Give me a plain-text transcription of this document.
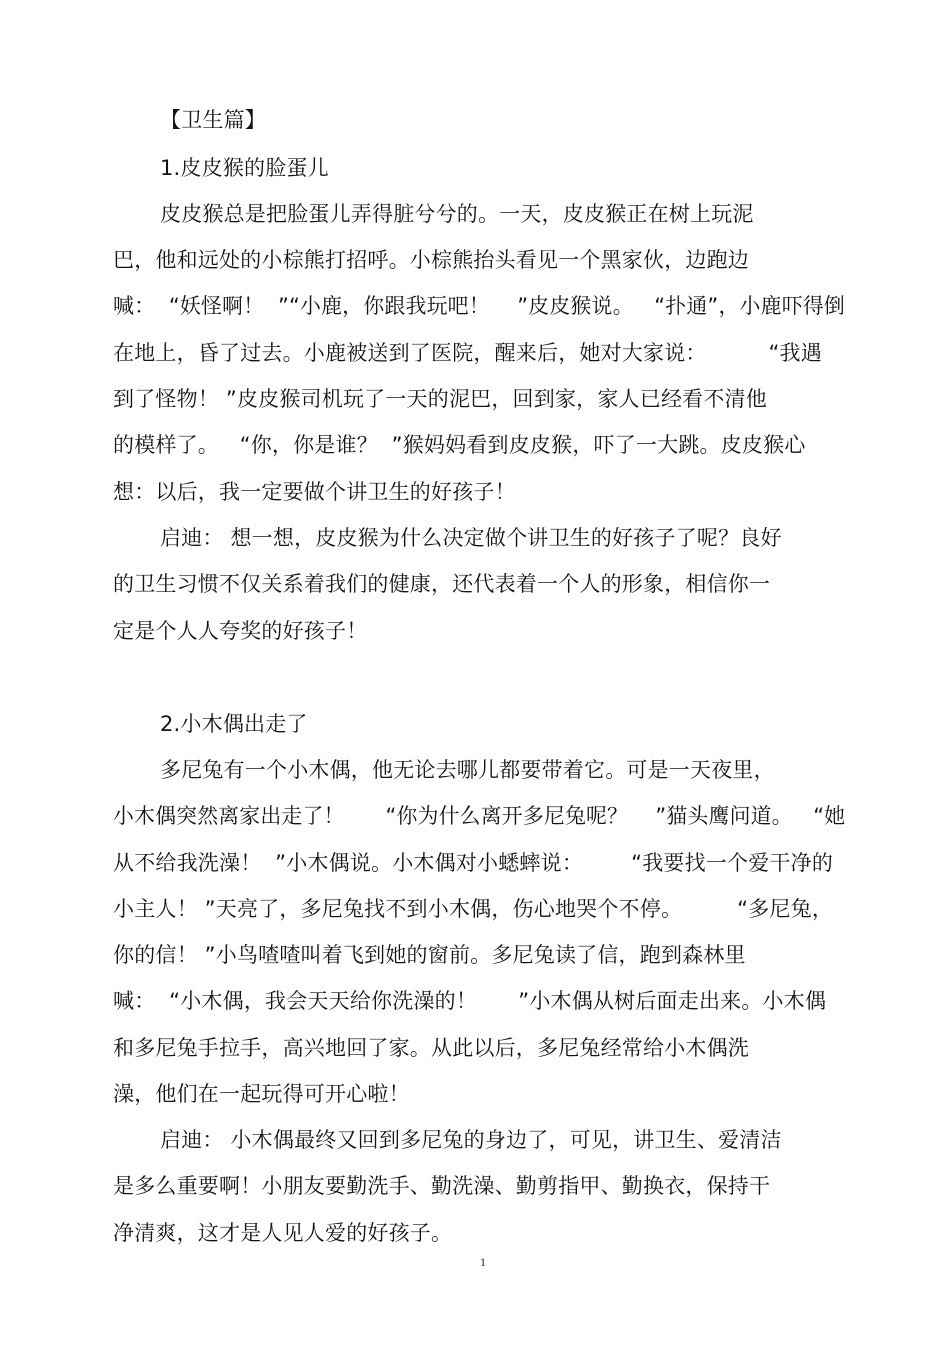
【卫生篇】
1.皮皮猴的脸蛋儿
皮皮猴总是把脸蛋儿弄得脏兮兮的。一天，皮皮猴正在树上玩泥
巴，他和远处的小棕熊打招呼。小棕熊抬头看见一个黑家伙，边跑边
喊：  “妖怪啊！  ”“小鹿，你跟我玩吧！    ”皮皮猴说。   “扑通”，小鹿吓得倒
在地上，昏了过去。小鹿被送到了医院，醒来后，她对大家说：         “我遇
到了怪物！ ”皮皮猴司机玩了一天的泥巴，回到家，家人已经看不清他
的模样了。   “你，你是谁？  ”猴妈妈看到皮皮猴，吓了一大跳。皮皮猴心
想：以后，我一定要做个讲卫生的好孩子！
启迪： 想一想，皮皮猴为什么决定做个讲卫生的好孩子了呢？良好
的卫生习惯不仅关系着我们的健康，还代表着一个人的形象，相信你一
定是个人人夸奖的好孩子！
2.小木偶出走了
多尼兔有一个小木偶，他无论去哪儿都要带着它。可是一天夜里，
小木偶突然离家出走了！      “你为什么离开多尼兔呢？    ”猫头鹰问道。   “她
从不给我洗澡！  ”小木偶说。小木偶对小蟋蟀说：       “我要找一个爱干净的
小主人！ ”天亮了，多尼兔找不到小木偶，伤心地哭个不停。        “多尼兔，
你的信！ ”小鸟喳喳叫着飞到她的窗前。多尼兔读了信，跑到森林里
喊：  “小木偶，我会天天给你洗澡的！      ”小木偶从树后面走出来。小木偶
和多尼兔手拉手，高兴地回了家。从此以后，多尼兔经常给小木偶洗
澡，他们在一起玩得可开心啦！
启迪： 小木偶最终又回到多尼兔的身边了，可见，讲卫生、爱清洁
是多么重要啊！小朋友要勤洗手、勤洗澡、勤剪指甲、勤换衣，保持干
净清爽，这才是人见人爱的好孩子。
1
